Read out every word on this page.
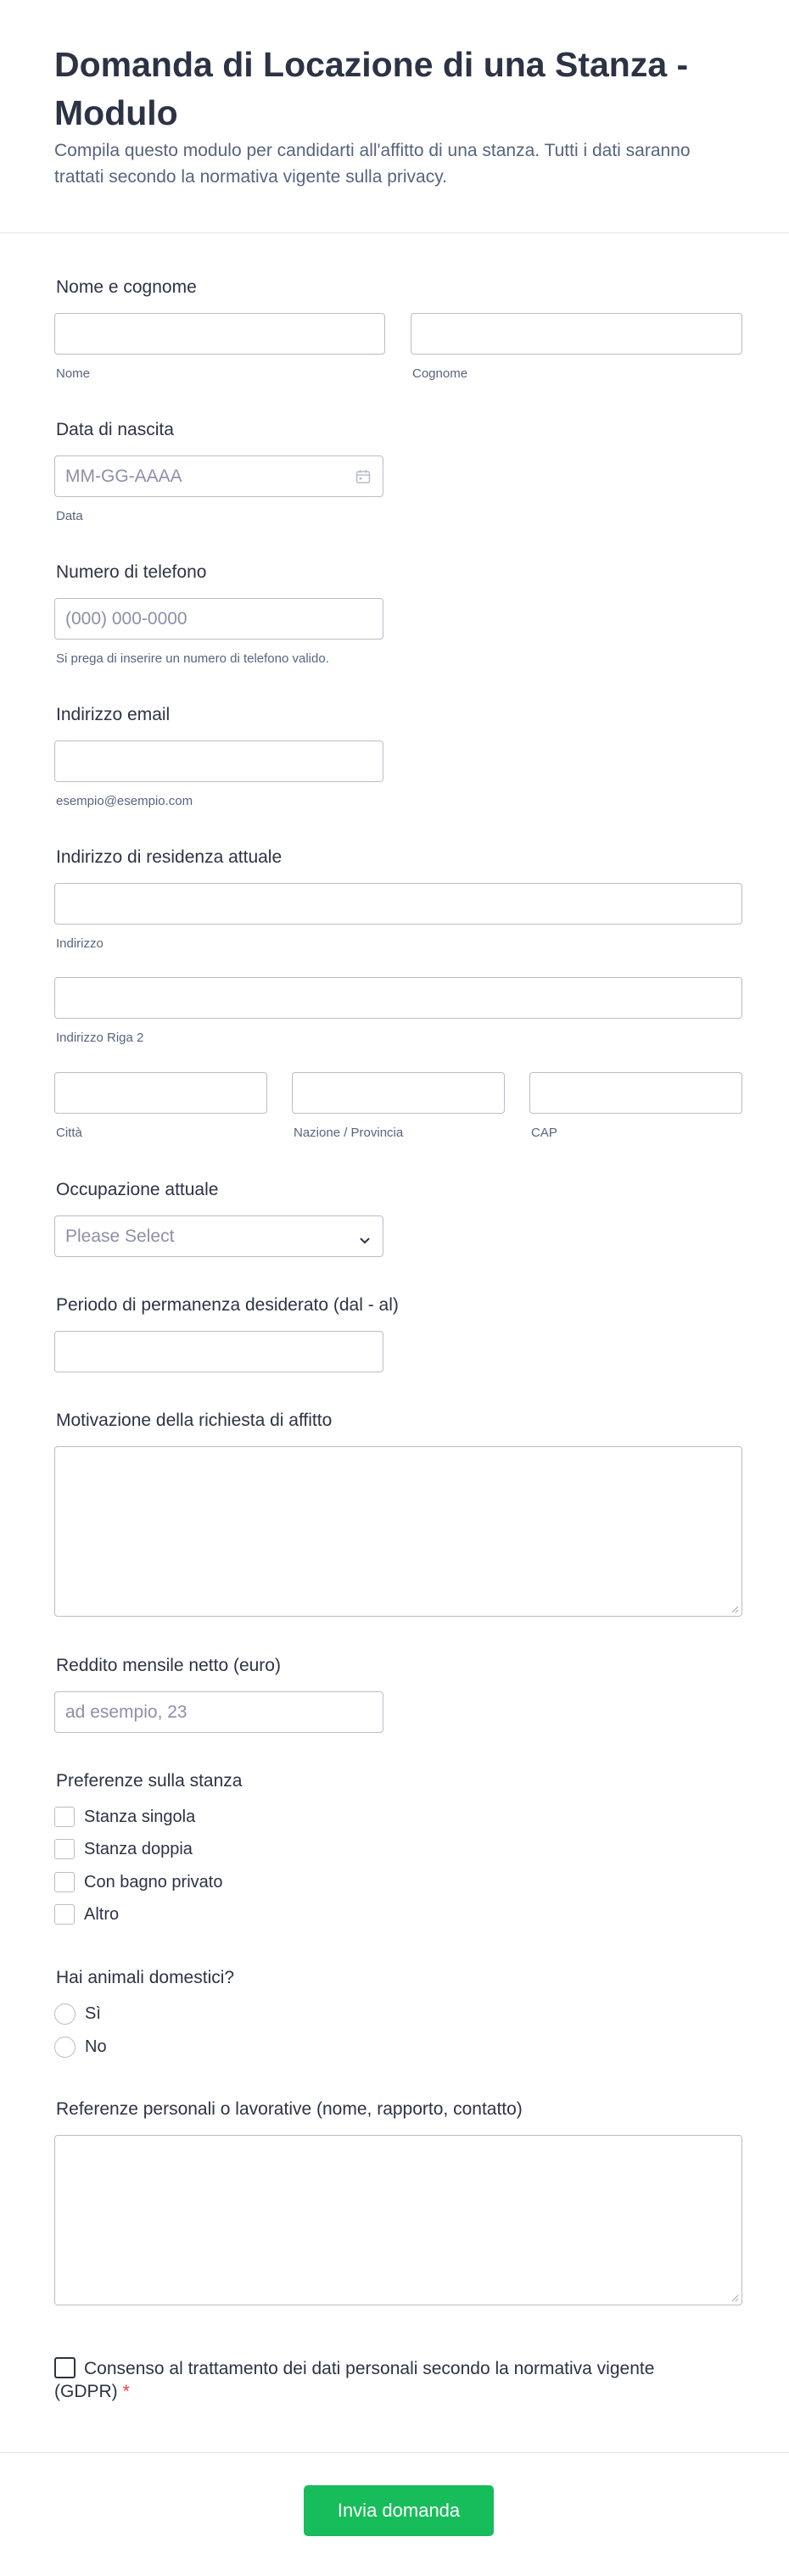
Domanda di Locazione di una Stanza - Modulo

Compila questo modulo per candidarti all'affitto di una stanza. Tutti i dati saranno trattati secondo la normativa vigente sulla privacy.

Nome e cognome
Nome	Cognome
Data di nascita
MM-GG-AAAA
Data
Numero di telefono
(000) 000-0000
Si prega di inserire un numero di telefono valido.
Indirizzo email
esempio@esempio.com
Indirizzo di residenza attuale
Indirizzo
Indirizzo Riga 2
Città	Nazione / Provincia	CAP
Occupazione attuale
Please Select
Periodo di permanenza desiderato (dal - al)
Motivazione della richiesta di affitto
Reddito mensile netto (euro)
ad esempio, 23
Preferenze sulla stanza
Stanza singola
Stanza doppia
Con bagno privato
Altro
Hai animali domestici?
Sì
No
Referenze personali o lavorative (nome, rapporto, contatto)
Consenso al trattamento dei dati personali secondo la normativa vigente (GDPR) *
Invia domanda
